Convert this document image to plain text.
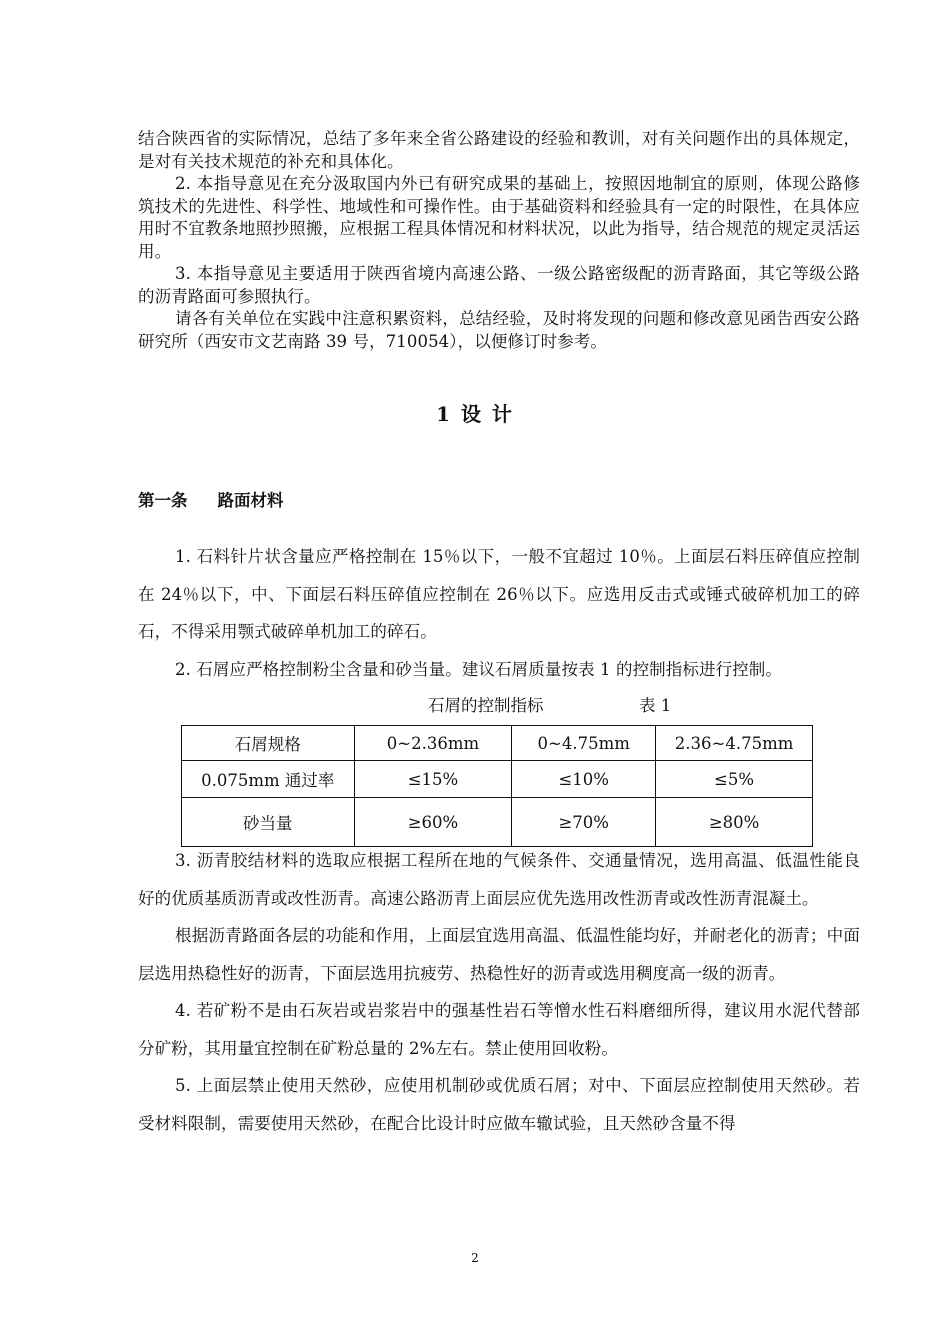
结合陕西省的实际情况，总结了多年来全省公路建设的经验和教训，对有关问题作出的具体规定，是对有关技术规范的补充和具体化。

2. 本指导意见在充分汲取国内外已有研究成果的基础上，按照因地制宜的原则，体现公路修筑技术的先进性、科学性、地域性和可操作性。由于基础资料和经验具有一定的时限性，在具体应用时不宜教条地照抄照搬，应根据工程具体情况和材料状况，以此为指导，结合规范的规定灵活运用。

3. 本指导意见主要适用于陕西省境内高速公路、一级公路密级配的沥青路面，其它等级公路的沥青路面可参照执行。

请各有关单位在实践中注意积累资料，总结经验，及时将发现的问题和修改意见函告西安公路研究所（西安市文艺南路 39 号，710054），以便修订时参考。

1 设 计
第一条 路面材料

1. 石料针片状含量应严格控制在 15％以下，一般不宜超过 10％。上面层石料压碎值应控制在 24％以下，中、下面层石料压碎值应控制在 26％以下。应选用反击式或锤式破碎机加工的碎石，不得采用颚式破碎单机加工的碎石。

2. 石屑应严格控制粉尘含量和砂当量。建议石屑质量按表 1 的控制指标进行控制。

石屑的控制指标	表 1
石屑规格	0~2.36mm	0~4.75mm	2.36~4.75mm
0.075mm 通过率	≤15%	≤10%	≤5%
砂当量	≥60%	≥70%	≥80%

3. 沥青胶结材料的选取应根据工程所在地的气候条件、交通量情况，选用高温、低温性能良好的优质基质沥青或改性沥青。高速公路沥青上面层应优先选用改性沥青或改性沥青混凝土。

根据沥青路面各层的功能和作用，上面层宜选用高温、低温性能均好，并耐老化的沥青；中面层选用热稳性好的沥青，下面层选用抗疲劳、热稳性好的沥青或选用稠度高一级的沥青。

4. 若矿粉不是由石灰岩或岩浆岩中的强基性岩石等憎水性石料磨细所得，建议用水泥代替部分矿粉，其用量宜控制在矿粉总量的 2%左右。禁止使用回收粉。

5. 上面层禁止使用天然砂，应使用机制砂或优质石屑；对中、下面层应控制使用天然砂。若受材料限制，需要使用天然砂，在配合比设计时应做车辙试验，且天然砂含量不得

2
